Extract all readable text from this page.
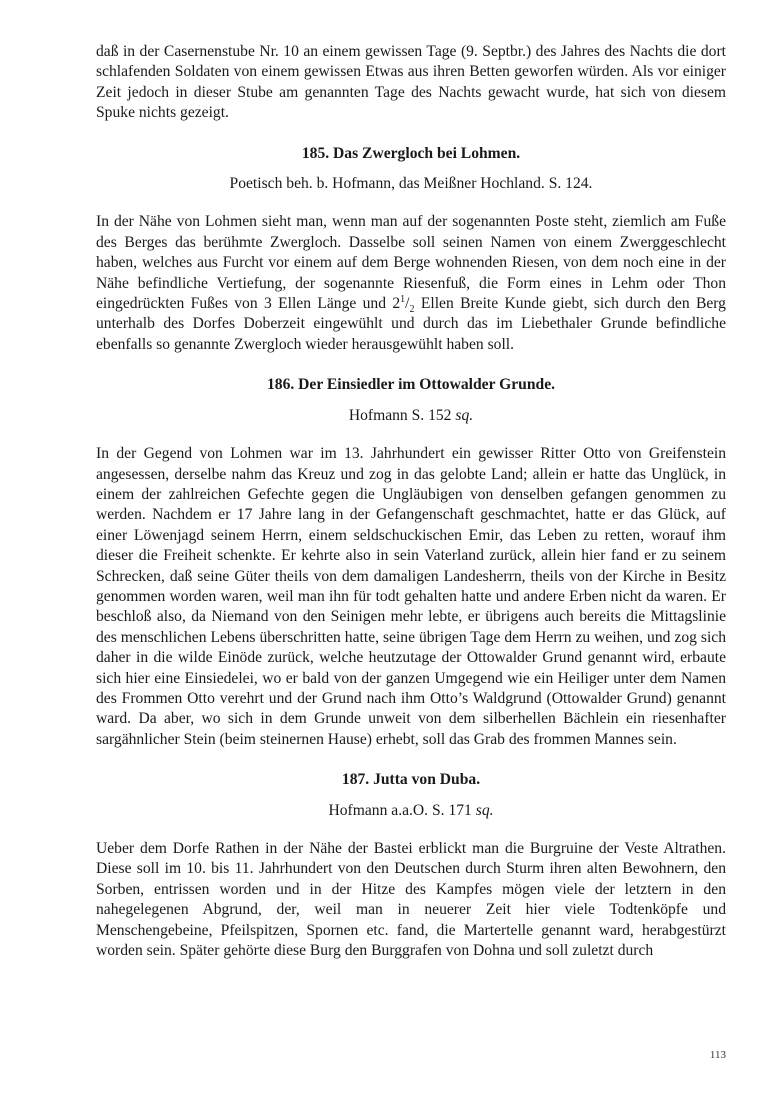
daß in der Casernenstube Nr. 10 an einem gewissen Tage (9. Septbr.) des Jahres des Nachts die dort schlafenden Soldaten von einem gewissen Etwas aus ihren Betten geworfen würden. Als vor einiger Zeit jedoch in dieser Stube am genannten Tage des Nachts gewacht wurde, hat sich von diesem Spuke nichts gezeigt.

185. Das Zwergloch bei Lohmen.

Poetisch beh. b. Hofmann, das Meißner Hochland. S. 124.

In der Nähe von Lohmen sieht man, wenn man auf der sogenannten Poste steht, ziemlich am Fuße des Berges das berühmte Zwergloch. Dasselbe soll seinen Namen von einem Zwerggeschlecht haben, welches aus Furcht vor einem auf dem Berge wohnenden Riesen, von dem noch eine in der Nähe befindliche Vertiefung, der sogenannte Riesenfuß, die Form eines in Lehm oder Thon eingedrückten Fußes von 3 Ellen Länge und $2^1/_2$ Ellen Breite Kunde giebt, sich durch den Berg unterhalb des Dorfes Doberzeit eingewühlt und durch das im Liebethaler Grunde befindliche ebenfalls so genannte Zwergloch wieder herausgewühlt haben soll.

186. Der Einsiedler im Ottowalder Grunde.

Hofmann S. 152 sq.

In der Gegend von Lohmen war im 13. Jahrhundert ein gewisser Ritter Otto von Greifenstein angesessen, derselbe nahm das Kreuz und zog in das gelobte Land; allein er hatte das Unglück, in einem der zahlreichen Gefechte gegen die Ungläubigen von denselben gefangen genommen zu werden. Nachdem er 17 Jahre lang in der Gefangenschaft geschmachtet, hatte er das Glück, auf einer Löwenjagd seinem Herrn, einem seldschuckischen Emir, das Leben zu retten, worauf ihm dieser die Freiheit schenkte. Er kehrte also in sein Vaterland zurück, allein hier fand er zu seinem Schrecken, daß seine Güter theils von dem damaligen Landesherrn, theils von der Kirche in Besitz genommen worden waren, weil man ihn für todt gehalten hatte und andere Erben nicht da waren. Er beschloß also, da Niemand von den Seinigen mehr lebte, er übrigens auch bereits die Mittagslinie des menschlichen Lebens überschritten hatte, seine übrigen Tage dem Herrn zu weihen, und zog sich daher in die wilde Einöde zurück, welche heutzutage der Ottowalder Grund genannt wird, erbaute sich hier eine Einsiedelei, wo er bald von der ganzen Umgegend wie ein Heiliger unter dem Namen des Frommen Otto verehrt und der Grund nach ihm Otto’s Waldgrund (Ottowalder Grund) genannt ward. Da aber, wo sich in dem Grunde unweit von dem silberhellen Bächlein ein riesenhafter sargähnlicher Stein (beim steinernen Hause) erhebt, soll das Grab des frommen Mannes sein.

187. Jutta von Duba.

Hofmann a.a.O. S. 171 sq.

Ueber dem Dorfe Rathen in der Nähe der Bastei erblickt man die Burgruine der Veste Altrathen. Diese soll im 10. bis 11. Jahrhundert von den Deutschen durch Sturm ihren alten Bewohnern, den Sorben, entrissen worden und in der Hitze des Kampfes mögen viele der letztern in den nahegelegenen Abgrund, der, weil man in neuerer Zeit hier viele Todtenköpfe und Menschengebeine, Pfeilspitzen, Spornen etc. fand, die Martertelle genannt ward, herabgestürzt worden sein. Später gehörte diese Burg den Burggrafen von Dohna und soll zuletzt durch

113
